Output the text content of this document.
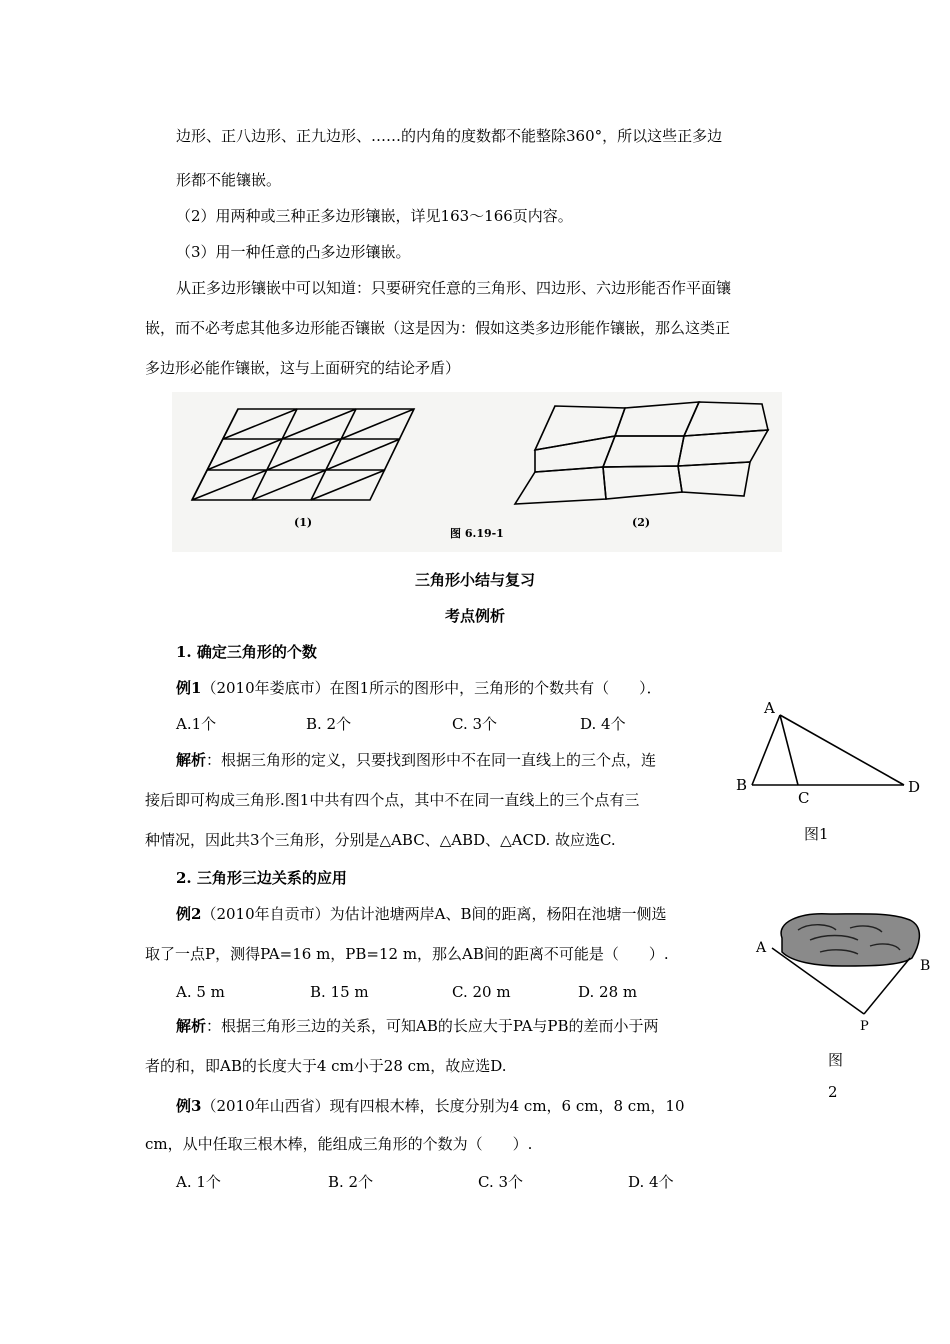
边形、正八边形、正九边形、……的内角的度数都不能整除360°，所以这些正多边
形都不能镶嵌。
（2）用两种或三种正多边形镶嵌，详见163～166页内容。
（3）用一种任意的凸多边形镶嵌。
从正多边形镶嵌中可以知道：只要研究任意的三角形、四边形、六边形能否作平面镶
嵌，而不必考虑其他多边形能否镶嵌（这是因为：假如这类多边形能作镶嵌，那么这类正
多边形必能作镶嵌，这与上面研究的结论矛盾）
(1)	(2)
图 6.19-1
三角形小结与复习
考点例析
1. 确定三角形的个数
例1（2010年娄底市）在图1所示的图形中，三角形的个数共有（　　）．
A.1个	B. 2个	C. 3个	D. 4个
解析：根据三角形的定义，只要找到图形中不在同一直线上的三个点，连
接后即可构成三角形.图1中共有四个点，其中不在同一直线上的三个点有三
种情况，因此共3个三角形，分别是△ABC、△ABD、△ACD. 故应选C.
A
B
C
D
图1
2. 三角形三边关系的应用
例2（2010年自贡市）为估计池塘两岸A、B间的距离，杨阳在池塘一侧选
取了一点P，测得PA=16 m，PB=12 m，那么AB间的距离不可能是（　　）.
A. 5 m	B. 15 m	C. 20 m	D. 28 m
解析：根据三角形三边的关系，可知AB的长应大于PA与PB的差而小于两
者的和，即AB的长度大于4 cm小于28 cm，故应选D.
例3（2010年山西省）现有四根木棒，长度分别为4 cm，6 cm，8 cm，10
cm，从中任取三根木棒，能组成三角形的个数为（　　）.
A. 1个	B. 2个	C. 3个	D. 4个
A
B
P
图
2
